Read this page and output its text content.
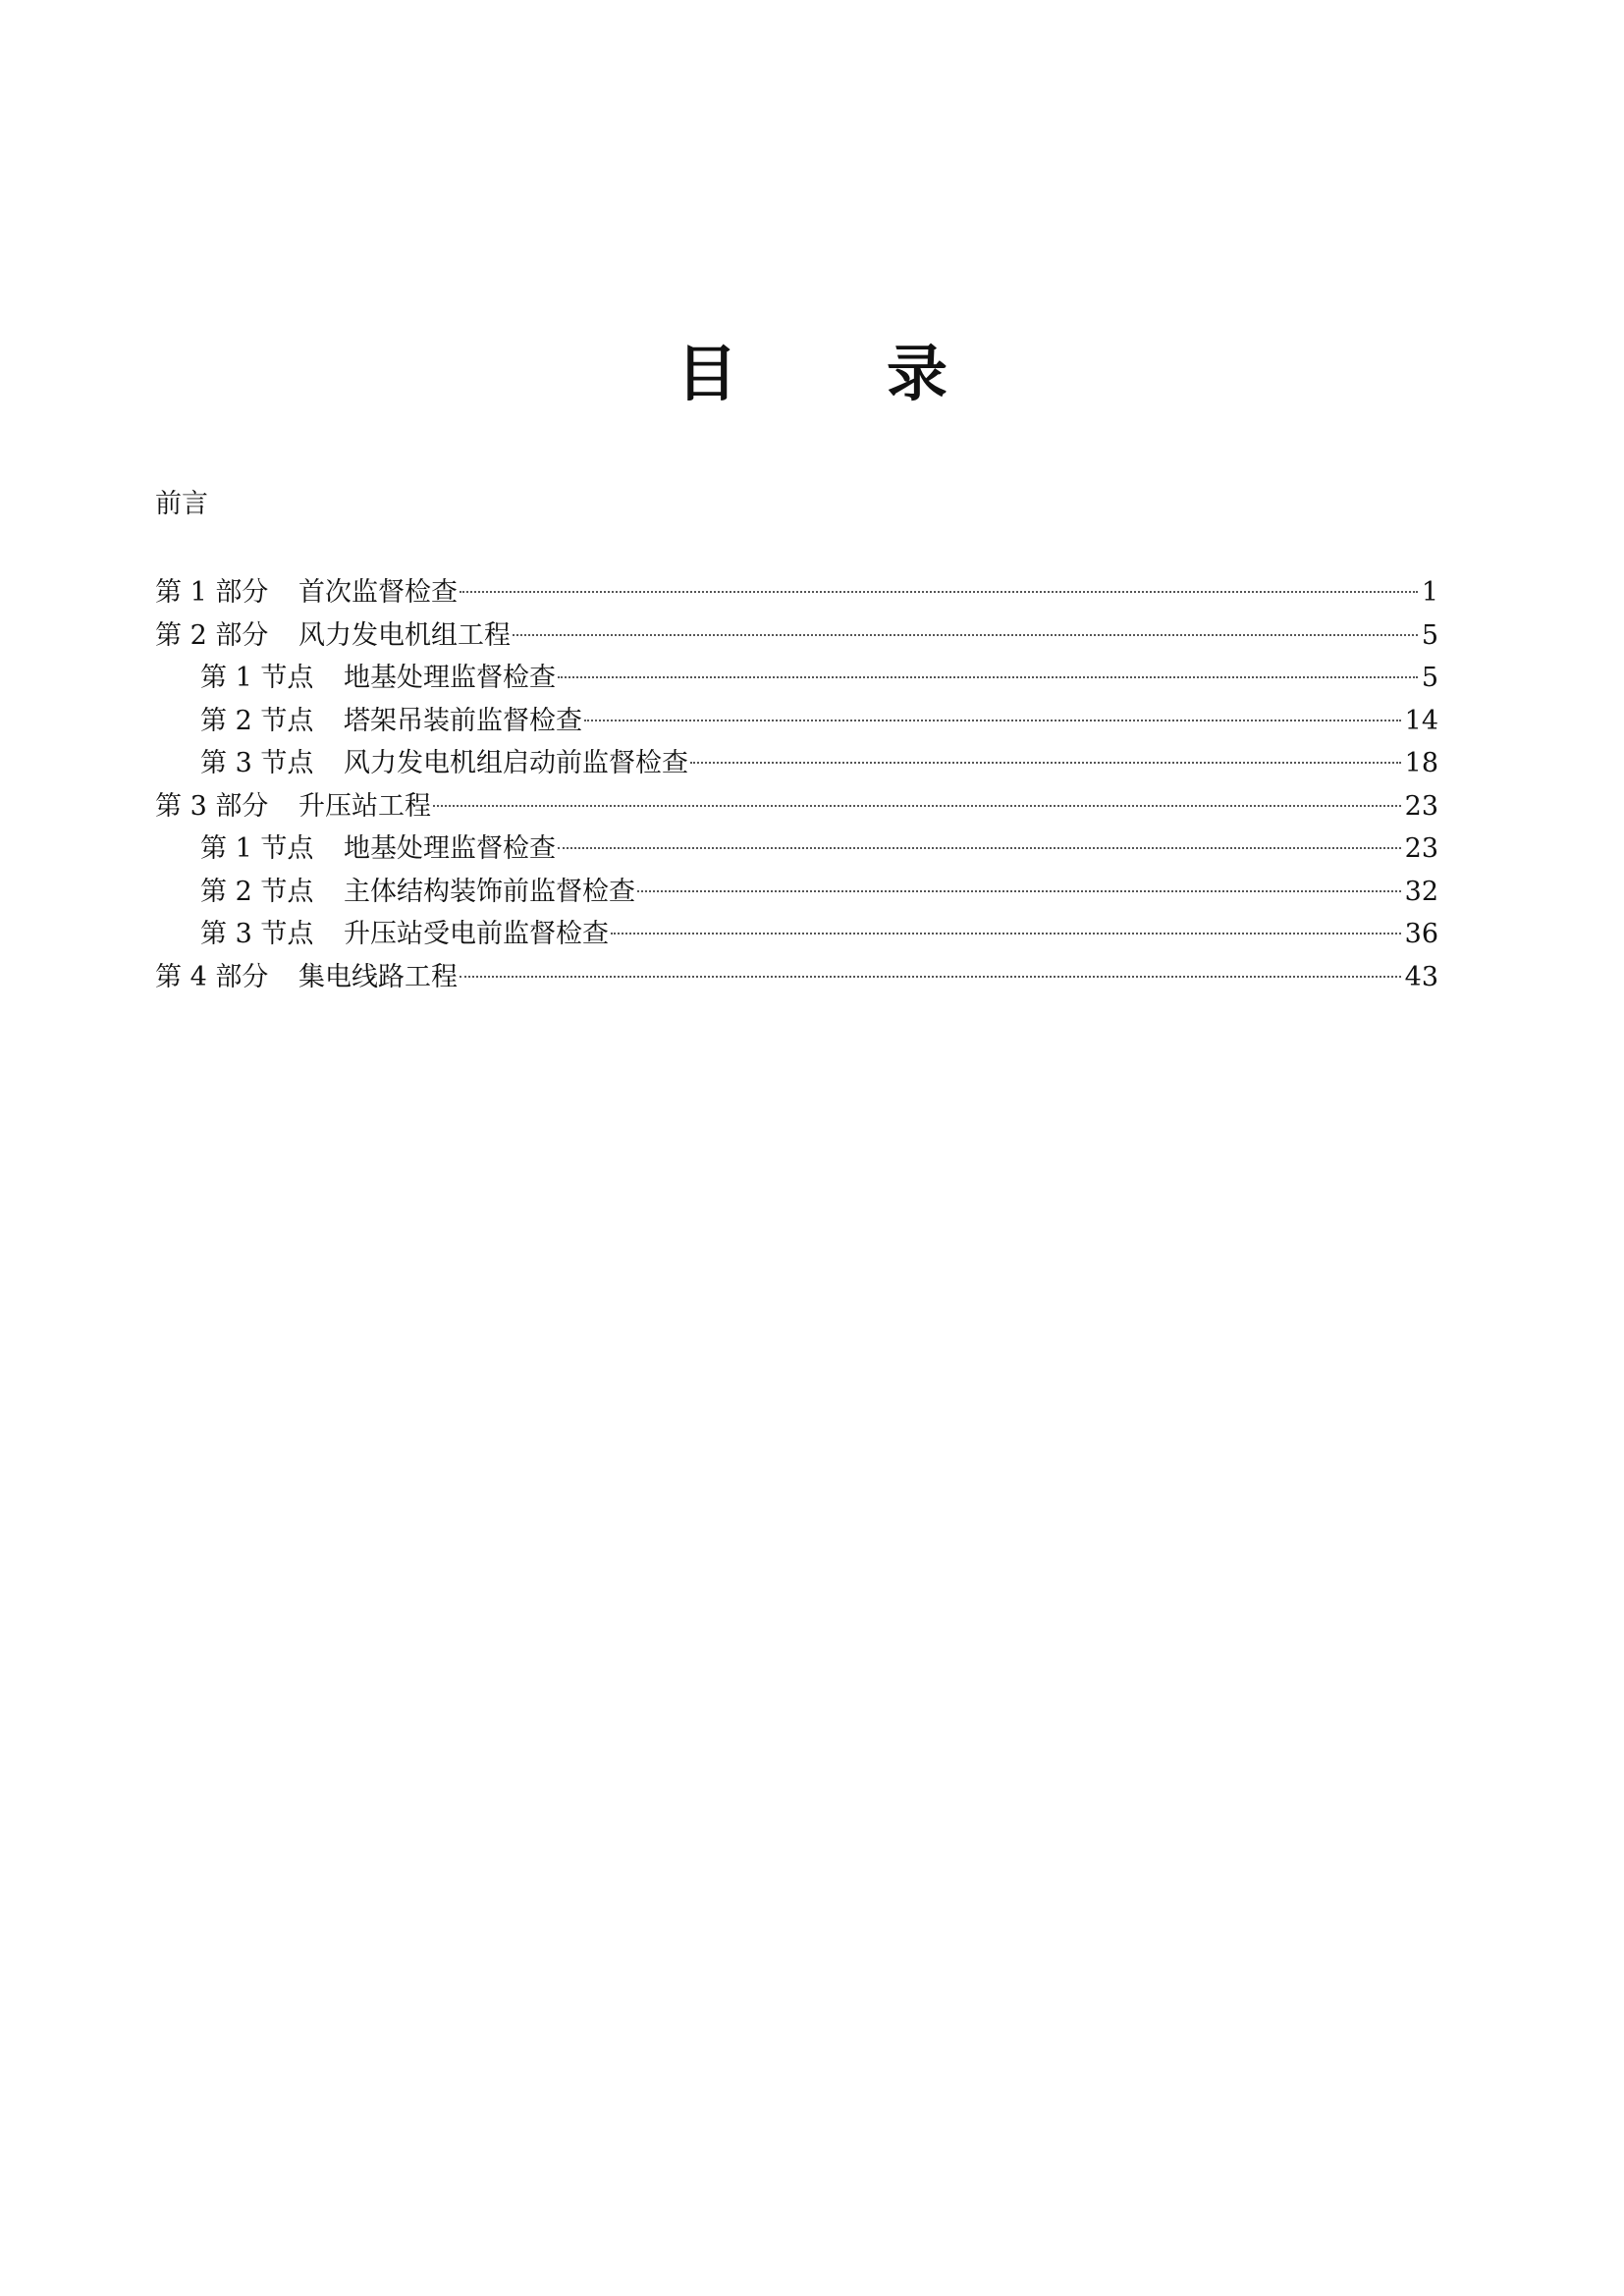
目 录
前言
第 1 部分	首次监督检查	1
第 2 部分	风力发电机组工程	5
第 1 节点	地基处理监督检查	5
第 2 节点	塔架吊装前监督检查	14
第 3 节点	风力发电机组启动前监督检查	18
第 3 部分	升压站工程	23
第 1 节点	地基处理监督检查	23
第 2 节点	主体结构装饰前监督检查	32
第 3 节点	升压站受电前监督检查	36
第 4 部分	集电线路工程	43
